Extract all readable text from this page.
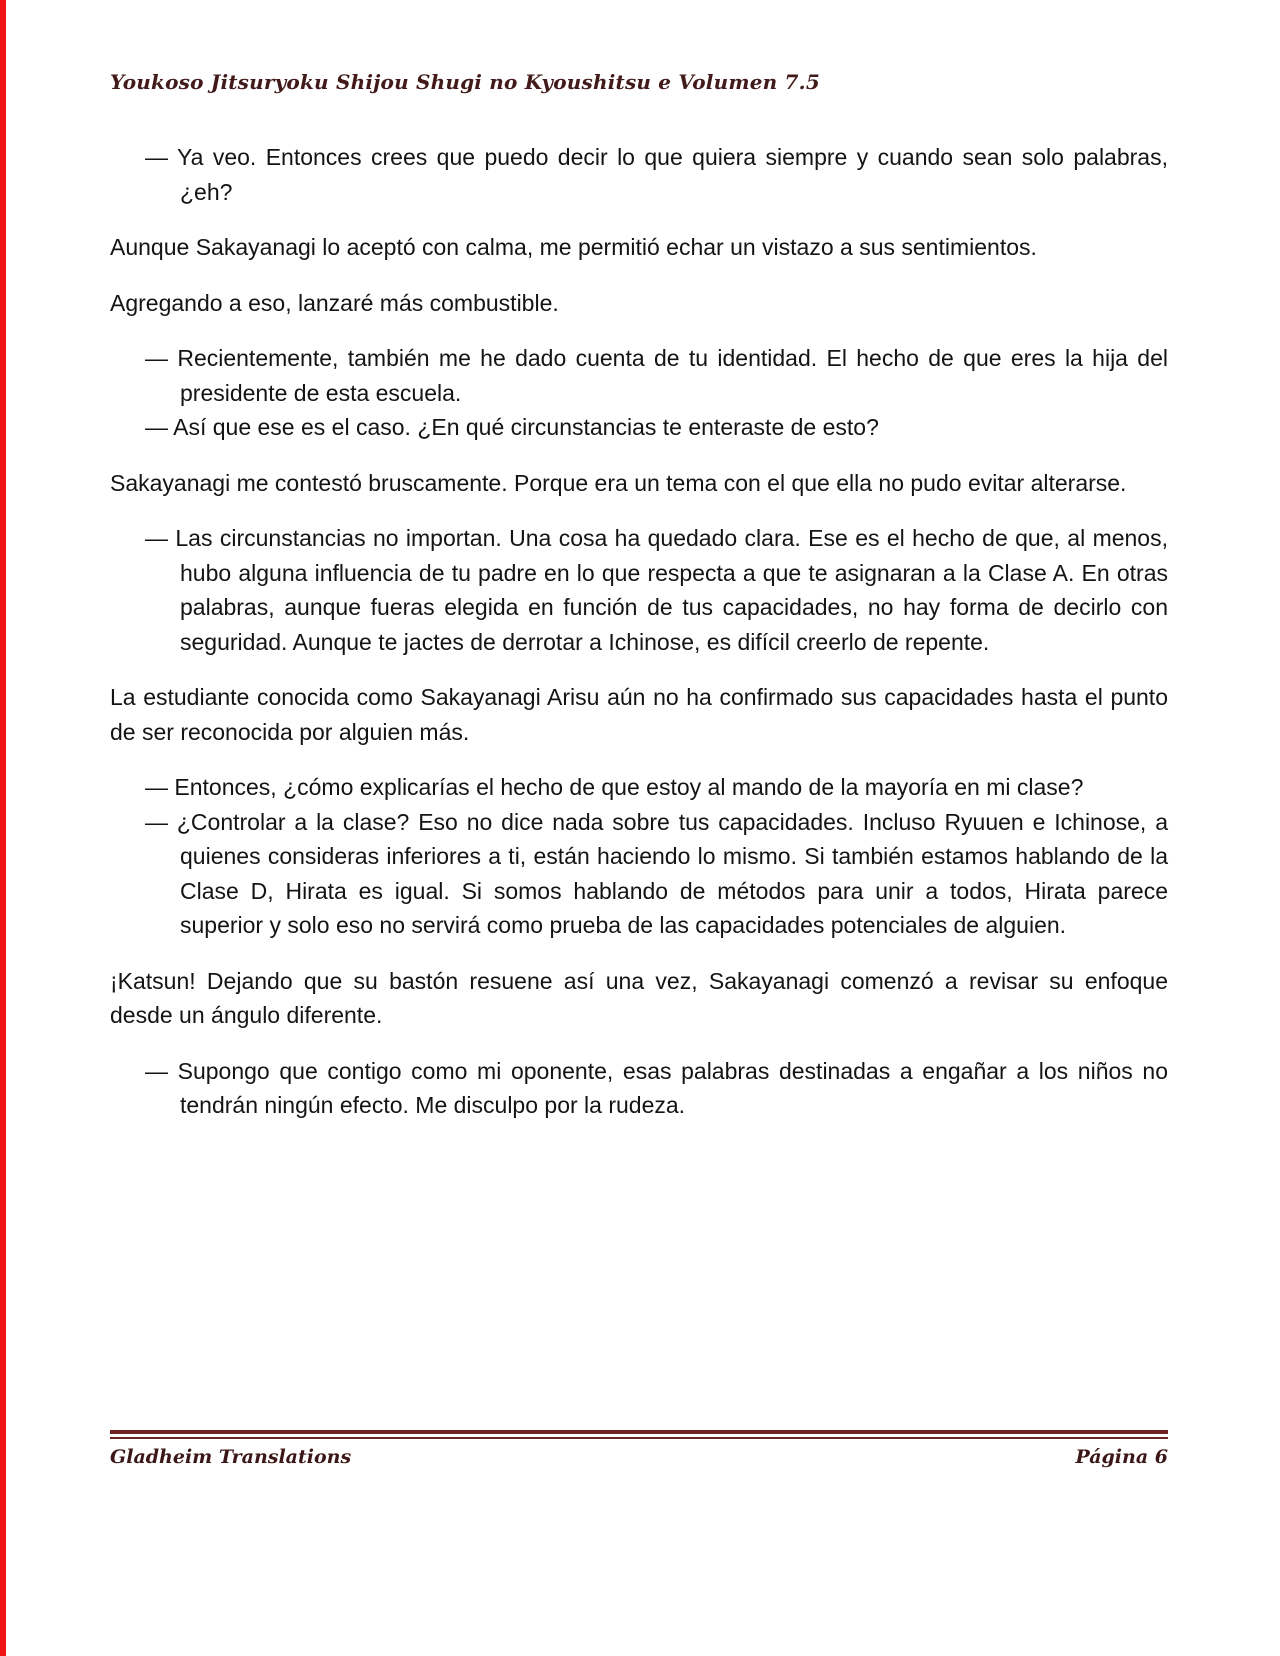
Youkoso Jitsuryoku Shijou Shugi no Kyoushitsu e Volumen 7.5

— Ya veo. Entonces crees que puedo decir lo que quiera siempre y cuando sean solo palabras, ¿eh?

Aunque Sakayanagi lo aceptó con calma, me permitió echar un vistazo a sus sentimientos.

Agregando a eso, lanzaré más combustible.

— Recientemente, también me he dado cuenta de tu identidad. El hecho de que eres la hija del presidente de esta escuela.

— Así que ese es el caso. ¿En qué circunstancias te enteraste de esto?

Sakayanagi me contestó bruscamente. Porque era un tema con el que ella no pudo evitar alterarse.

— Las circunstancias no importan. Una cosa ha quedado clara. Ese es el hecho de que, al menos, hubo alguna influencia de tu padre en lo que respecta a que te asignaran a la Clase A. En otras palabras, aunque fueras elegida en función de tus capacidades, no hay forma de decirlo con seguridad. Aunque te jactes de derrotar a Ichinose, es difícil creerlo de repente.

La estudiante conocida como Sakayanagi Arisu aún no ha confirmado sus capacidades hasta el punto de ser reconocida por alguien más.

— Entonces, ¿cómo explicarías el hecho de que estoy al mando de la mayoría en mi clase?

— ¿Controlar a la clase? Eso no dice nada sobre tus capacidades. Incluso Ryuuen e Ichinose, a quienes consideras inferiores a ti, están haciendo lo mismo. Si también estamos hablando de la Clase D, Hirata es igual. Si somos hablando de métodos para unir a todos, Hirata parece superior y solo eso no servirá como prueba de las capacidades potenciales de alguien.

¡Katsun! Dejando que su bastón resuene así una vez, Sakayanagi comenzó a revisar su enfoque desde un ángulo diferente.

— Supongo que contigo como mi oponente, esas palabras destinadas a engañar a los niños no tendrán ningún efecto. Me disculpo por la rudeza.

Gladheim Translations	Página 6
